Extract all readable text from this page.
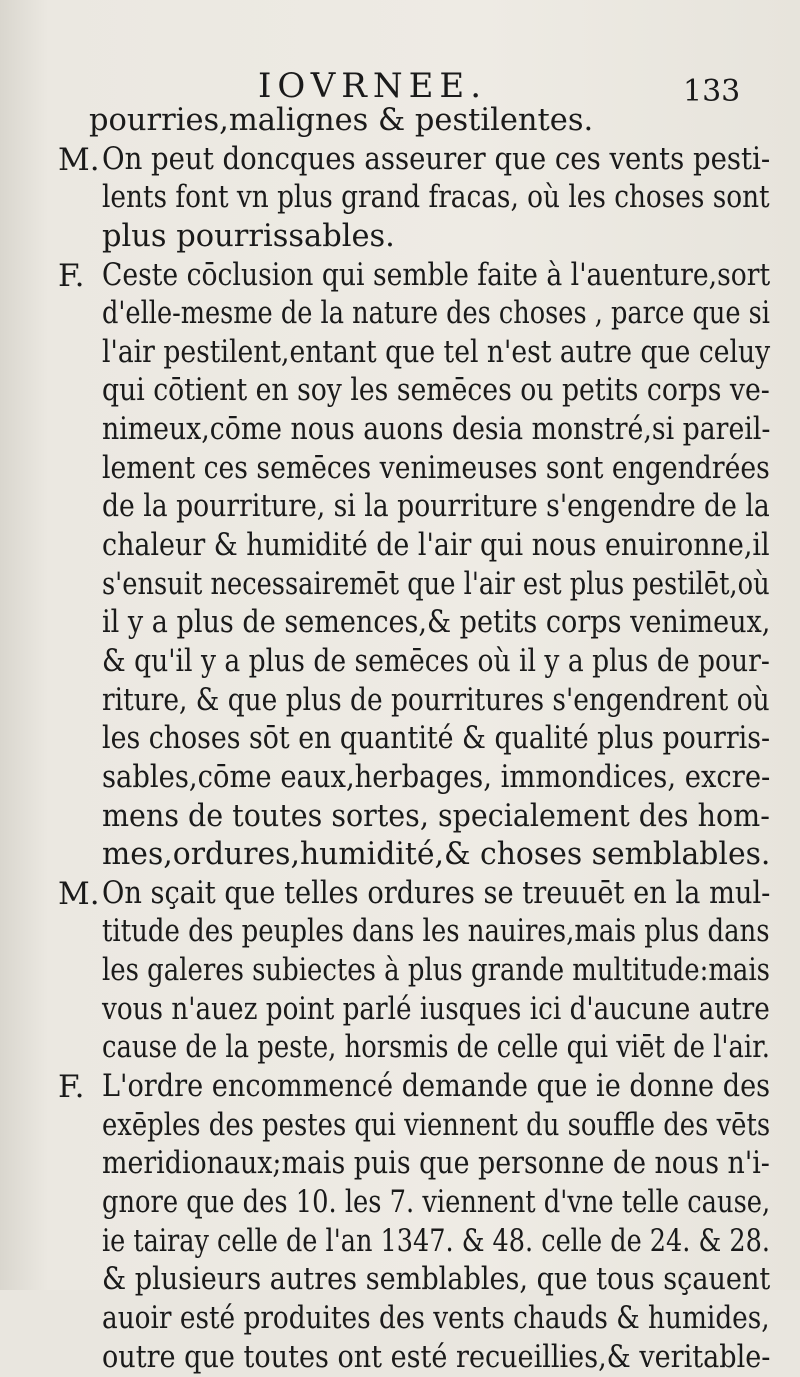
IOVRNEE.	133
pourries,malignes & pestilentes.
M. On peut doncques asseurer que ces vents pesti-
lents font vn plus grand fracas, où les choses sont
plus pourrissables.
F. Ceste cōclusion qui semble faite à l'auenture,sort
d'elle-mesme de la nature des choses , parce que si
l'air pestilent,entant que tel n'est autre que celuy
qui cōtient en soy les semēces ou petits corps ve-
nimeux,cōme nous auons desia monstré,si pareil-
lement ces semēces venimeuses sont engendrées
de la pourriture, si la pourriture s'engendre de la
chaleur & humidité de l'air qui nous enuironne,il
s'ensuit necessairemēt que l'air est plus pestilēt,où
il y a plus de semences,& petits corps venimeux,
& qu'il y a plus de semēces où il y a plus de pour-
riture, & que plus de pourritures s'engendrent où
les choses sōt en quantité & qualité plus pourris-
sables,cōme eaux,herbages, immondices, excre-
mens de toutes sortes, specialement des hom-
mes,ordures,humidité,& choses semblables.
M. On sçait que telles ordures se treuuēt en la mul-
titude des peuples dans les nauires,mais plus dans
les galeres subiectes à plus grande multitude:mais
vous n'auez point parlé iusques ici d'aucune autre
cause de la peste, horsmis de celle qui viēt de l'air.
F. L'ordre encommencé demande que ie donne des
exēples des pestes qui viennent du souffle des vēts
meridionaux;mais puis que personne de nous n'i-
gnore que des 10. les 7. viennent d'vne telle cause,
ie tairay celle de l'an 1347. & 48. celle de 24. & 28.
& plusieurs autres semblables, que tous sçauent
auoir esté produites des vents chauds & humides,
outre que toutes ont esté recueillies,& veritable-
